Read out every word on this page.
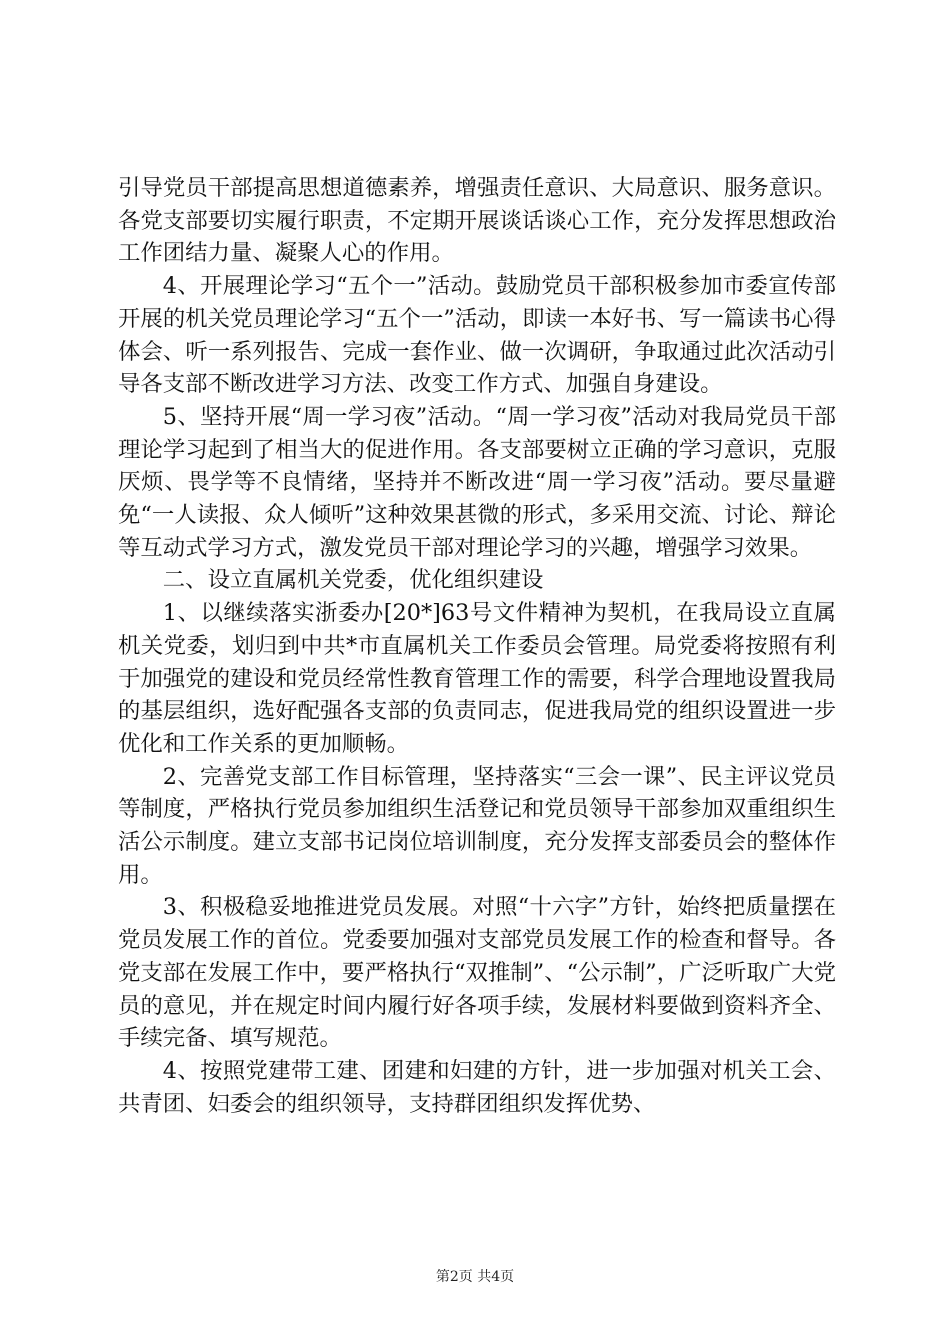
引导党员干部提高思想道德素养，增强责任意识、大局意识、服务意识。各党支部要切实履行职责，不定期开展谈话谈心工作，充分发挥思想政治工作团结力量、凝聚人心的作用。

4、开展理论学习“五个一”活动。鼓励党员干部积极参加市委宣传部开展的机关党员理论学习“五个一”活动，即读一本好书、写一篇读书心得体会、听一系列报告、完成一套作业、做一次调研，争取通过此次活动引导各支部不断改进学习方法、改变工作方式、加强自身建设。

5、坚持开展“周一学习夜”活动。“周一学习夜”活动对我局党员干部理论学习起到了相当大的促进作用。各支部要树立正确的学习意识，克服厌烦、畏学等不良情绪，坚持并不断改进“周一学习夜”活动。要尽量避免“一人读报、众人倾听”这种效果甚微的形式，多采用交流、讨论、辩论等互动式学习方式，激发党员干部对理论学习的兴趣，增强学习效果。

二、设立直属机关党委，优化组织建设

1、以继续落实浙委办[20*]63号文件精神为契机，在我局设立直属机关党委，划归到中共*市直属机关工作委员会管理。局党委将按照有利于加强党的建设和党员经常性教育管理工作的需要，科学合理地设置我局的基层组织，选好配强各支部的负责同志，促进我局党的组织设置进一步优化和工作关系的更加顺畅。

2、完善党支部工作目标管理，坚持落实“三会一课”、民主评议党员等制度，严格执行党员参加组织生活登记和党员领导干部参加双重组织生活公示制度。建立支部书记岗位培训制度，充分发挥支部委员会的整体作用。

3、积极稳妥地推进党员发展。对照“十六字”方针，始终把质量摆在党员发展工作的首位。党委要加强对支部党员发展工作的检查和督导。各党支部在发展工作中，要严格执行“双推制”、“公示制”，广泛听取广大党员的意见，并在规定时间内履行好各项手续，发展材料要做到资料齐全、手续完备、填写规范。

4、按照党建带工建、团建和妇建的方针，进一步加强对机关工会、共青团、妇委会的组织领导，支持群团组织发挥优势、

第2页 共4页
